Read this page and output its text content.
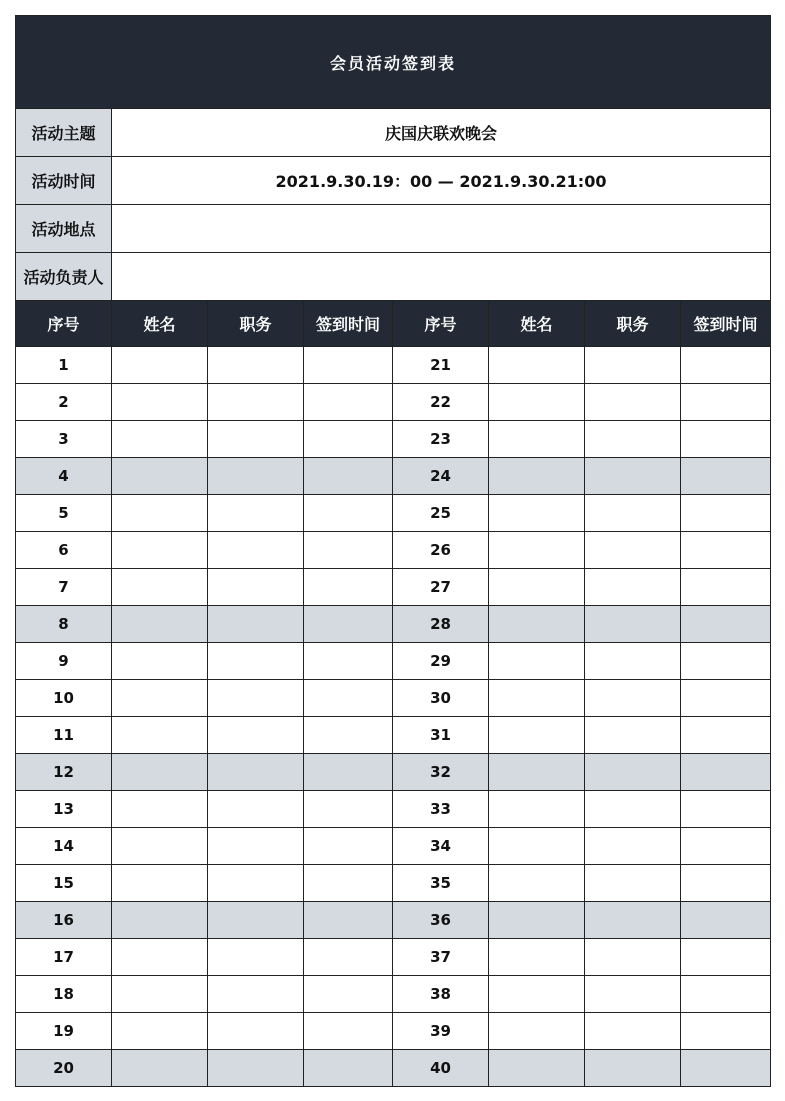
会员活动签到表							
活动主题	庆国庆联欢晚会						
活动时间	2021.9.30.19：00 — 2021.9.30.21:00						
活动地点							
活动负责人							
序号	姓名	职务	签到时间	序号	姓名	职务	签到时间
1				21			
2				22			
3				23			
4				24			
5				25			
6				26			
7				27			
8				28			
9				29			
10				30			
11				31			
12				32			
13				33			
14				34			
15				35			
16				36			
17				37			
18				38			
19				39			
20				40			
